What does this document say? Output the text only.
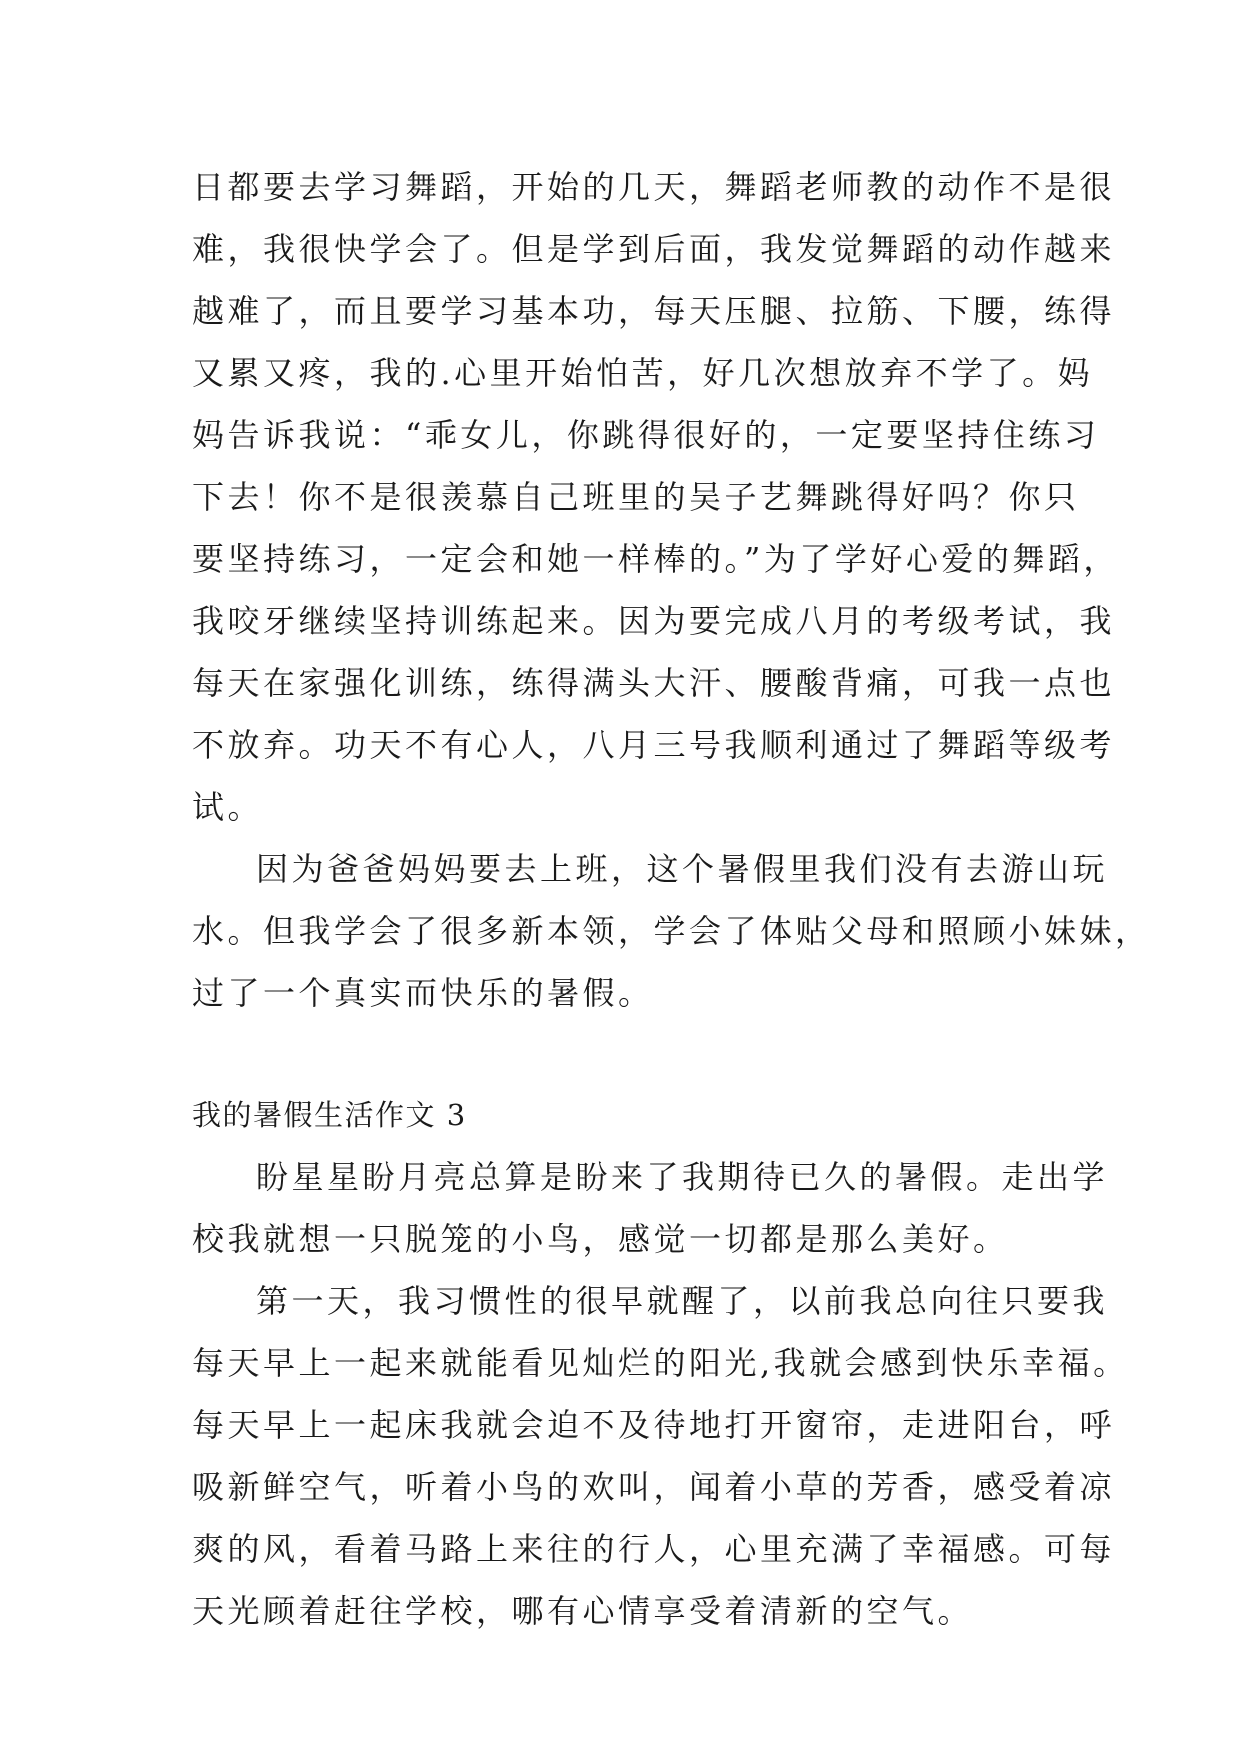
日都要去学习舞蹈，开始的几天，舞蹈老师教的动作不是很
难，我很快学会了。但是学到后面，我发觉舞蹈的动作越来
越难了，而且要学习基本功，每天压腿、拉筋、下腰，练得
又累又疼，我的.心里开始怕苦，好几次想放弃不学了。妈
妈告诉我说：“乖女儿，你跳得很好的，一定要坚持住练习
下去！你不是很羡慕自己班里的吴子艺舞跳得好吗？你只
要坚持练习，一定会和她一样棒的。”为了学好心爱的舞蹈，
我咬牙继续坚持训练起来。因为要完成八月的考级考试，我
每天在家强化训练，练得满头大汗、腰酸背痛，可我一点也
不放弃。功天不有心人，八月三号我顺利通过了舞蹈等级考
试。
因为爸爸妈妈要去上班，这个暑假里我们没有去游山玩
水。但我学会了很多新本领，学会了体贴父母和照顾小妹妹，
过了一个真实而快乐的暑假。
我的暑假生活作文 3
盼星星盼月亮总算是盼来了我期待已久的暑假。走出学
校我就想一只脱笼的小鸟，感觉一切都是那么美好。
第一天，我习惯性的很早就醒了，以前我总向往只要我
每天早上一起来就能看见灿烂的阳光,我就会感到快乐幸福。
每天早上一起床我就会迫不及待地打开窗帘，走进阳台，呼
吸新鲜空气，听着小鸟的欢叫，闻着小草的芳香，感受着凉
爽的风，看着马路上来往的行人，心里充满了幸福感。可每
天光顾着赶往学校，哪有心情享受着清新的空气。
